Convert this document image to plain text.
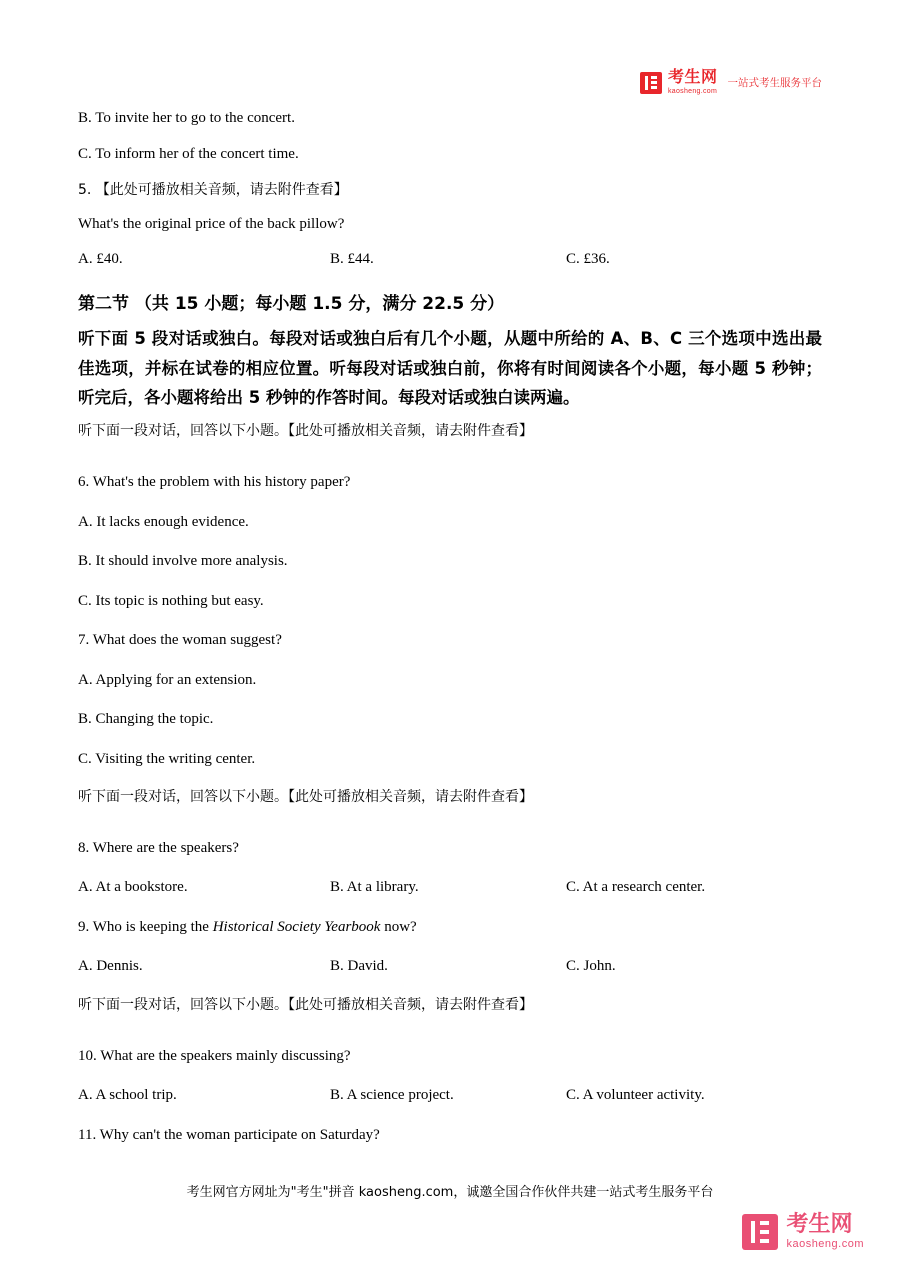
考生网
kaosheng.com
一站式考生服务平台

B. To invite her to go to the concert.

C. To inform her of the concert time.

5. 【此处可播放相关音频，请去附件查看】

What's the original price of the back pillow?

A. £40.	B. £44.	C. £36.

第二节 （共 15 小题；每小题 1.5 分，满分 22.5 分）

听下面 5 段对话或独白。每段对话或独白后有几个小题，从题中所给的 A、B、C 三个选项中选出最佳选项，并标在试卷的相应位置。听每段对话或独白前，你将有时间阅读各个小题，每小题 5 秒钟；听完后，各小题将给出 5 秒钟的作答时间。每段对话或独白读两遍。

听下面一段对话，回答以下小题。【此处可播放相关音频，请去附件查看】

6. What's the problem with his history paper?

A. It lacks enough evidence.

B. It should involve more analysis.

C. Its topic is nothing but easy.

7. What does the woman suggest?

A. Applying for an extension.

B. Changing the topic.

C. Visiting the writing center.

听下面一段对话，回答以下小题。【此处可播放相关音频，请去附件查看】

8. Where are the speakers?

A. At a bookstore.	B. At a library.	C. At a research center.

9. Who is keeping the Historical Society Yearbook now?

A. Dennis.	B. David.	C. John.

听下面一段对话，回答以下小题。【此处可播放相关音频，请去附件查看】

10. What are the speakers mainly discussing?

A. A school trip.	B. A science project.	C. A volunteer activity.

11. Why can't the woman participate on Saturday?

考生网官方网址为"考生"拼音 kaosheng.com，诚邀全国合作伙伴共建一站式考生服务平台
考生网
kaosheng.com
